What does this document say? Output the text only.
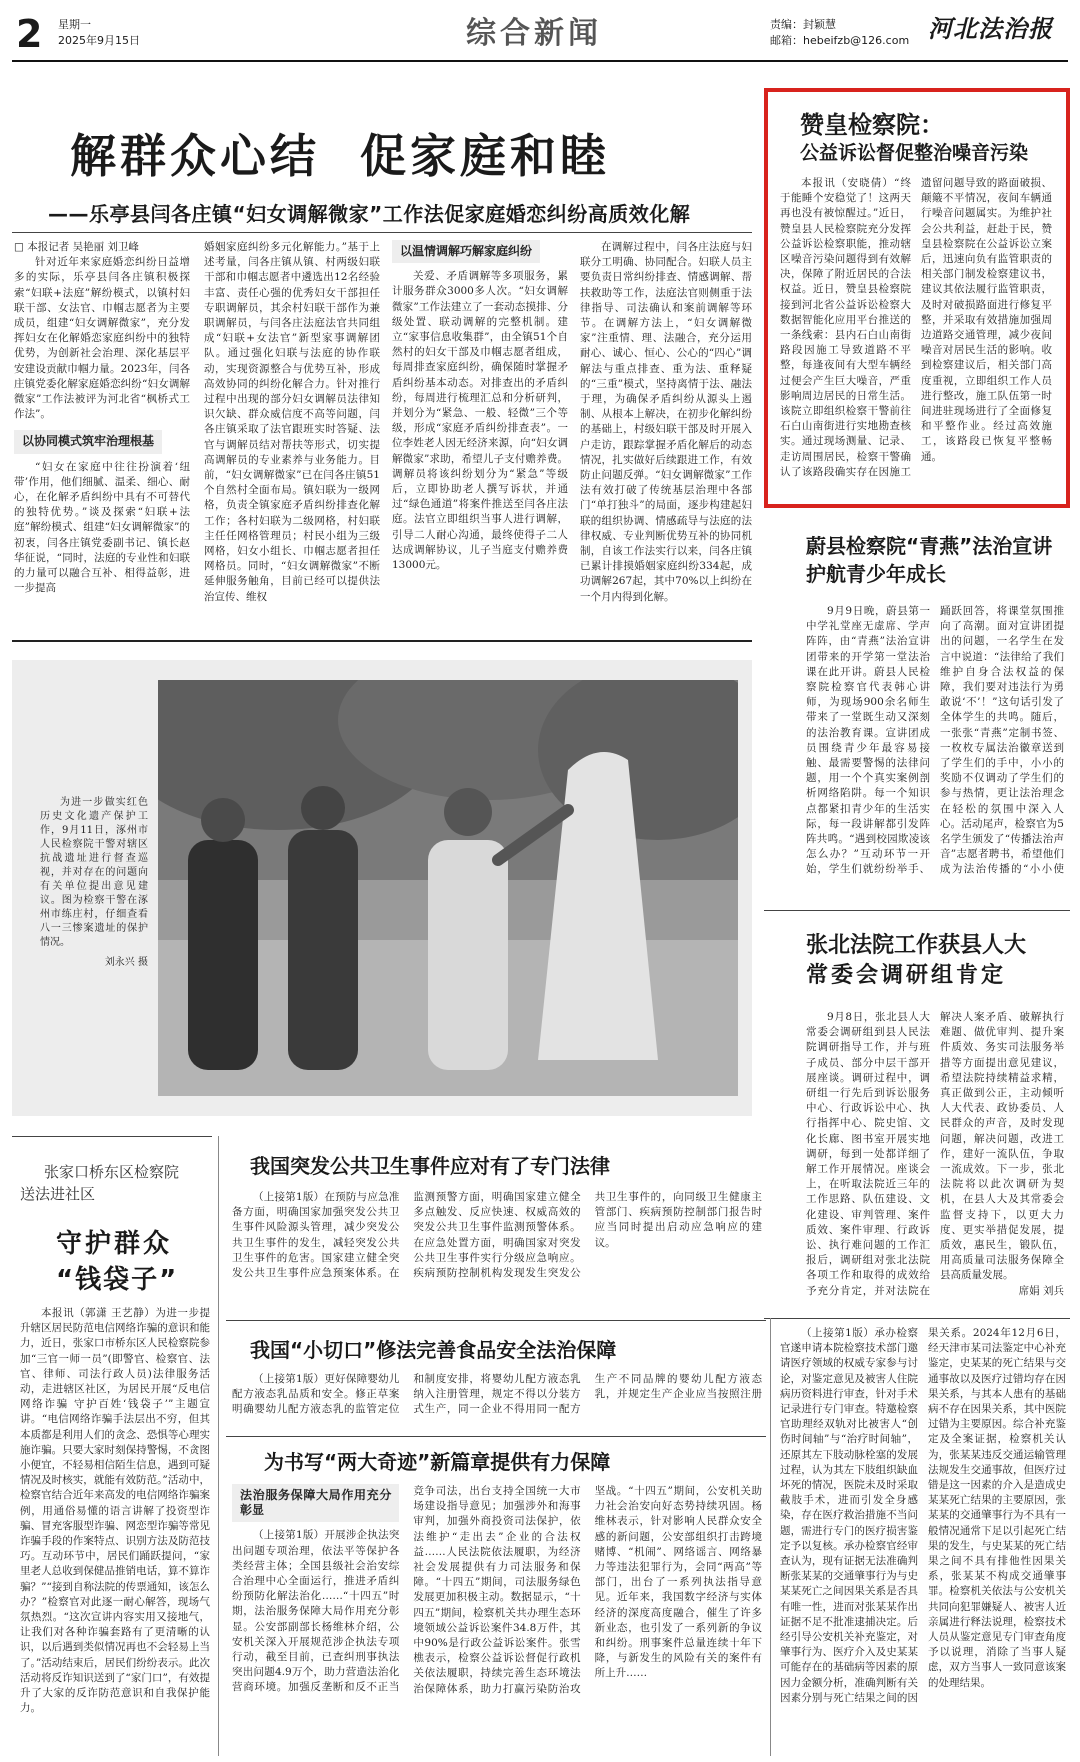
2 星期一
2025年9月15日	综合新闻	责编：封颖慧
邮箱：hebeifzb@126.com 河北法治报
解群众心结  促家庭和睦
——乐亭县闫各庄镇“妇女调解微家”工作法促家庭婚恋纠纷高质效化解

□ 本报记者 吴艳丽 刘卫峰

针对近年来家庭婚恋纠纷日益增多的实际，乐亭县闫各庄镇积极探索“妇联+法庭”解纷模式，以镇村妇联干部、女法官、巾帼志愿者为主要成员，组建“妇女调解微家”，充分发挥妇女在化解婚恋家庭纠纷中的独特优势，为创新社会治理、深化基层平安建设贡献巾帼力量。2023年，闫各庄镇党委化解家庭婚恋纠纷“妇女调解微家”工作法被评为河北省“枫桥式工作法”。

以协同模式筑牢治理根基

“妇女在家庭中往往扮演着‘纽带’作用，他们细腻、温柔、细心、耐心，在化解矛盾纠纷中具有不可替代的独特优势。”谈及探索“妇联+法庭”解纷模式、组建“妇女调解微家”的初衷，闫各庄镇党委副书记、镇长赵华征说，“同时，法庭的专业性和妇联的力量可以融合互补、相得益彰，进一步提高

婚姻家庭纠纷多元化解能力。”基于上述考量，闫各庄镇从镇、村两级妇联干部和巾帼志愿者中遴选出12名经验丰富、责任心强的优秀妇女干部担任专职调解员，其余村妇联干部作为兼职调解员，与闫各庄法庭法官共同组成“妇联+女法官”新型家事调解团队。通过强化妇联与法庭的协作联动，实现资源整合与优势互补，形成高效协同的纠纷化解合力。针对推行过程中出现的部分妇女调解员法律知识欠缺、群众威信度不高等问题，闫各庄镇采取了法官跟班实时答疑、法官与调解员结对帮扶等形式，切实提高调解员的专业素养与业务能力。目前，“妇女调解微家”已在闫各庄镇51个自然村全面布局。镇妇联为一级网格，负责全镇家庭矛盾纠纷排查化解工作；各村妇联为二级网格，村妇联主任任网格管理员；村民小组为三级网格，妇女小组长、巾帼志愿者担任网格员。同时，“妇女调解微家”不断延伸服务触角，目前已经可以提供法治宣传、维权

以温情调解巧解家庭纠纷

关爱、矛盾调解等多项服务，累计服务群众3000多人次。“妇女调解微家”工作法建立了一套动态摸排、分级处置、联动调解的完整机制。建立“家事信息收集群”，由全镇51个自然村的妇女干部及巾帼志愿者组成，每周排查家庭纠纷，确保随时掌握矛盾纠纷基本动态。对排查出的矛盾纠纷，每周进行梳理汇总和分析研判，并划分为“紧急、一般、轻微”三个等级，形成“家庭矛盾纠纷排查表”。一位李姓老人因无经济来源，向“妇女调解微家”求助，希望儿子支付赡养费。调解员将该纠纷划分为“紧急”等级后，立即协助老人撰写诉状，并通过“绿色通道”将案件推送至闫各庄法庭。法官立即组织当事人进行调解，引导二人耐心沟通，最终使得子二人达成调解协议，儿子当庭支付赡养费13000元。

在调解过程中，闫各庄法庭与妇联分工明确、协同配合。妇联人员主要负责日常纠纷排查、情感调解、帮扶救助等工作，法庭法官则侧重于法律指导、司法确认和案前调解等环节。在调解方法上，“妇女调解微家”注重情、理、法融合，充分运用耐心、诚心、恒心、公心的“四心”调解法与重点排查、重为法、重释疑的“三重”模式，坚持离情于法、融法于理，为确保矛盾纠纷从源头上遏制、从根本上解决，在初步化解纠纷的基础上，村级妇联干部及时开展入户走访，跟踪掌握矛盾化解后的动态情况，扎实做好后续跟进工作，有效防止问题反弹。“妇女调解微家”工作法有效打破了传统基层治理中各部门“单打独斗”的局面，逐步构建起妇联的组织协调、情感疏导与法庭的法律权威、专业判断优势互补的协同机制，自该工作法实行以来，闫各庄镇已累计排摸婚姻家庭纠纷334起，成功调解267起，其中70%以上纠纷在一个月内得到化解。

赞皇检察院：
公益诉讼督促整治噪音污染

本报讯（安晓倩）“终于能睡个安稳觉了！这两天再也没有被惊醒过。”近日，赞皇县人民检察院充分发挥公益诉讼检察职能，推动辖区噪音污染问题得到有效解决，保障了附近居民的合法权益。近日，赞皇县检察院接到河北省公益诉讼检察大数据智能化应用平台推送的一条线索：县内石白山南街路段因施工导致道路不平整，每逢夜间有大型车辆经过便会产生巨大噪音，严重影响周边居民的日常生活。该院立即组织检察干警前往石白山南街进行实地勘查核实。通过现场测量、记录、走访周围居民，检察干警确认了该路段确实存在因施工遗留问题导致的路面破损、颠簸不平情况，夜间车辆通行噪音问题属实。为维护社会公共利益，赶赴于民，赞皇县检察院在公益诉讼立案后，迅速向负有监管职责的相关部门制发检察建议书，建议其依法履行监管职责，及时对破损路面进行修复平整，并采取有效措施加强周边道路交通管理，减少夜间噪音对居民生活的影响。收到检察建议后，相关部门高度重视，立即组织工作人员进行整改，施工队伍第一时间进驻现场进行了全面修复和平整作业。经过高效施工，该路段已恢复平整畅通。

蔚县检察院“青燕”法治宣讲
护航青少年成长

9月9日晚，蔚县第一中学礼堂座无虚席、学声阵阵，由“青燕”法治宣讲团带来的开学第一堂法治课在此开讲。蔚县人民检察院检察官代表韩心讲师，为现场900余名师生带来了一堂既生动又深刻的法治教育课。宣讲团成员围绕青少年最容易接触、最需要警惕的法律问题，用一个个真实案例剖析网络陷阱。每一个知识点都紧扣青少年的生活实际，每一段讲解都引发阵阵共鸣。“遇到校园欺凌该怎么办？”互动环节一开始，学生们就纷纷举手、踊跃回答，将课堂氛围推向了高潮。面对宣讲团提出的问题，一名学生在发言中说道：“法律给了我们维护自身合法权益的保障，我们要对违法行为勇敢说‘不’！”这句话引发了全体学生的共鸣。随后，一张张“青燕”定制书签、一枚枚专属法治徽章送到了学生们的手中，小小的奖励不仅调动了学生们的参与热情，更让法治理念在轻松的氛围中深入人心。活动尾声，检察官为5名学生颁发了“传播法治声音”志愿者聘书，希望他们成为法治传播的“小小使

张北法院工作获县人大
常委会调研组肯定

9月8日，张北县人大常委会调研组到县人民法院调研指导工作，并与班子成员、部分中层干部开展座谈。调研过程中，调研组一行先后到诉讼服务中心、行政诉讼中心、执行指挥中心、院史馆、文化长廊、图书室开展实地调研，每到一处都详细了解工作开展情况。座谈会上，在听取法院近三年的工作思路、队伍建设、文化建设、审判管理、案件质效、案件审理、行政诉讼、执行难问题的工作汇报后，调研组对张北法院各项工作和取得的成效给予充分肯定，并对法院在解决人案矛盾、破解执行难题、做优审判、提升案件质效、务实司法服务举措等方面提出意见建议，希望法院持续精益求精，真正做到公正，主动倾听人大代表、政协委员、人民群众的声音，及时发现问题，解决问题，改进工作，建好一流队伍，争取一流成效。下一步，张北法院将以此次调研为契机，在县人大及其常委会监督支持下，以更大力度、更实举措促发展，提质效，惠民生，锻队伍，用高质量司法服务保障全县高质量发展。

席娟 刘兵

为进一步做实红色历史文化遗产保护工作，9月11日，涿州市人民检察院干警对辖区抗战遗址进行督查巡视，并对存在的问题向有关单位提出意见建议。图为检察干警在涿州市练庄村，仔细查看八一三惨案遗址的保护情况。

刘永兴 摄

张家口桥东区检察院
送法进社区
守护群众
“钱袋子”

本报讯（郭潇 王艺静）为进一步提升辖区居民防范电信网络诈骗的意识和能力，近日，张家口市桥东区人民检察院参加“三官一师一员”(即警官、检察官、法官、律师、司法行政人员)法律服务活动，走进辖区社区，为居民开展“反电信网络诈骗 守护百姓‘钱袋子’”主题宣讲。“电信网络诈骗手法层出不穷，但其本质都是利用人们的贪念、恐惧等心理实施诈骗。只要大家时刻保持警惕，不贪图小便宜，不轻易相信陌生信息，遇到可疑情况及时核实，就能有效防范。”活动中，检察官结合近年来高发的电信网络诈骗案例，用通俗易懂的语言讲解了投资型诈骗、冒充客服型诈骗、网恋型诈骗等常见诈骗手段的作案特点、识别方法及防范技巧。互动环节中，居民们踊跃提问，“家里老人总收到保健品推销电话，算不算诈骗？”“接到自称法院的传票通知，该怎么办？”检察官对此逐一耐心解答，现场气氛热烈。“这次宣讲内容实用又接地气，让我们对各种诈骗套路有了更清晰的认识，以后遇到类似情况再也不会轻易上当了。”活动结束后，居民们纷纷表示。此次活动将反诈知识送到了“家门口”，有效提升了大家的反诈防范意识和自我保护能力。

我国突发公共卫生事件应对有了专门法律

（上接第1版）在预防与应急准备方面，明确国家加强突发公共卫生事件风险源头管理，减少突发公共卫生事件的发生，减轻突发公共卫生事件的危害。国家建立健全突发公共卫生事件应急预案体系。在监测预警方面，明确国家建立健全多点触发、反应快速、权威高效的突发公共卫生事件监测预警体系。在应急处置方面，明确国家对突发公共卫生事件实行分级应急响应。疾病预防控制机构发现发生突发公共卫生事件的，向同级卫生健康主管部门、疾病预防控制部门报告时应当同时提出启动应急响应的建议。

我国“小切口”修法完善食品安全法治保障

（上接第1版）更好保障婴幼儿配方液态乳品质和安全。修正草案明确婴幼儿配方液态乳的监管定位和制度安排，将婴幼儿配方液态乳纳入注册管理，规定不得以分装方式生产，同一企业不得用同一配方生产不同品牌的婴幼儿配方液态乳，并规定生产企业应当按照注册

为书写“两大奇迹”新篇章提供有力保障
法治服务保障大局作用充分彰显

（上接第1版）开展涉企执法突出问题专项治理，依法平等保护各类经营主体；全国县级社会治安综合治理中心全面运行，推进矛盾纠纷预防化解法治化……“十四五”时期，法治服务保障大局作用充分彰显。公安部副部长杨维林介绍，公安机关深入开展规范涉企执法专项行动，截至目前，已查纠刑事执法突出问题4.9万个，助力营造法治化营商环境。加强反垄断和反不正当竞争司法，出台支持全国统一大市场建设指导意见；加强涉外和海事审判，加强外商投资司法保护，依法维护“走出去”企业的合法权益……人民法院依法履职，为经济社会发展提供有力司法服务和保障。“十四五”期间，司法服务绿色发展更加积极主动。数据显示，“十四五”期间，检察机关共办理生态环境领域公益诉讼案件34.8万件，其中90%是行政公益诉讼案件。张雪樵表示，检察公益诉讼督促行政机关依法履职，持续完善生态环境法治保障体系，助力打赢污染防治攻坚战。“十四五”期间，公安机关助力社会治安向好态势持续巩固。杨维林表示，针对影响人民群众安全感的新问题，公安部组织打击跨境赌博、“机闹”、网络谣言、网络暴力等违法犯罪行为，会同“两高”等部门，出台了一系列执法指导意见。近年来，我国数字经济与实体经济的深度高度融合，催生了许多新业态，也引发了一系列新的争议和纠纷。刑事案件总量连续十年下降，与新发生的风险有关的案件有所上升……

（上接第1版）承办检察官遂申请本院检察技术部门邀请医疗领域的权威专家参与讨论，对鉴定意见及被害人住院病历资料进行审查，针对手术记录进行专门审查。特邀检察官助理经双轨对比被害人“创伤时间轴”与“治疗时间轴”，还原其左下肢动脉栓塞的发展过程，认为其左下肢组织缺血坏死的情况，医院未及时采取截肢手术，进而引发全身感染，存在医疗救治措施不当问题，需进行专门的医疗损害鉴定予以复核。承办检察官经审查认为，现有证据无法准确判断张某某的交通肇事行为与史某某死亡之间因果关系是否具有唯一性，进而对张某某作出证据不足不批准逮捕决定。后经引导公安机关补充鉴定，对肇事行为、医疗介入及史某某可能存在的基础病等因素的原因力金额分析，准确判断有关因素分别与死亡结果之间的因果关系。2024年12月6日，经天津市某司法鉴定中心补充鉴定，史某某的死亡结果与交通事故以及医疗过错均存在因果关系，与其本人患有的基础病不存在因果关系，其中医院过错为主要原因。综合补充鉴定及全案证据，检察机关认为，张某某违反交通运输管理法规发生交通事故，但医疗过错是这一因素的介入是造成史某某死亡结果的主要原因，张某某的交通肇事行为不具有一般情况通常下足以引起死亡结果的发生，与史某某的死亡结果之间不具有排他性因果关系，张某某不构成交通肇事罪。检察机关依法与公安机关共同向犯罪嫌疑人、被害人近亲属进行释法说理，检察技术人员从鉴定意见专门审查角度予以说理，消除了当事人疑虑，双方当事人一致同意该案的处理结果。
